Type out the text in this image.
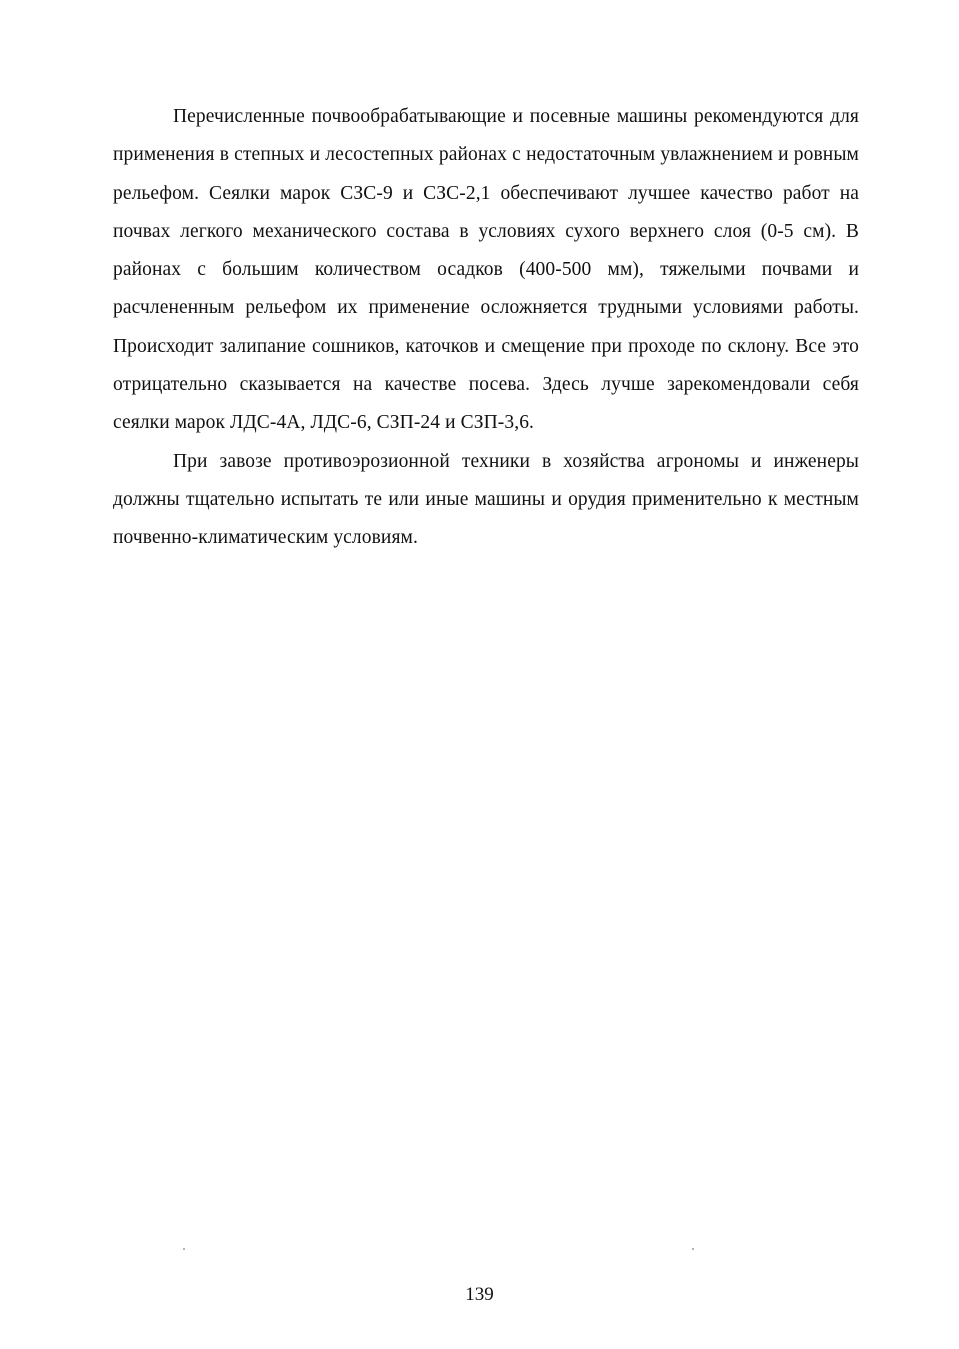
Перечисленные почвообрабатывающие и посевные машины рекомендуются для применения в степных и лесостепных районах с недостаточным увлажнением и ровным рельефом. Сеялки марок СЗС-9 и СЗС-2,1 обеспечивают лучшее качество работ на почвах легкого механического состава в условиях сухого верхнего слоя (0-5 см). В районах с большим количеством осадков (400-500 мм), тяжелыми почвами и расчлененным рельефом их применение осложняется трудными условиями работы. Происходит залипание сошников, каточков и смещение при проходе по склону. Все это отрицательно сказывается на качестве посева. Здесь лучше зарекомендовали себя сеялки марок ЛДС-4А, ЛДС-6, СЗП-24 и СЗП-3,6.

При завозе противоэрозионной техники в хозяйства агрономы и инженеры должны тщательно испытать те или иные машины и орудия применительно к местным почвенно-климатическим условиям.

139
